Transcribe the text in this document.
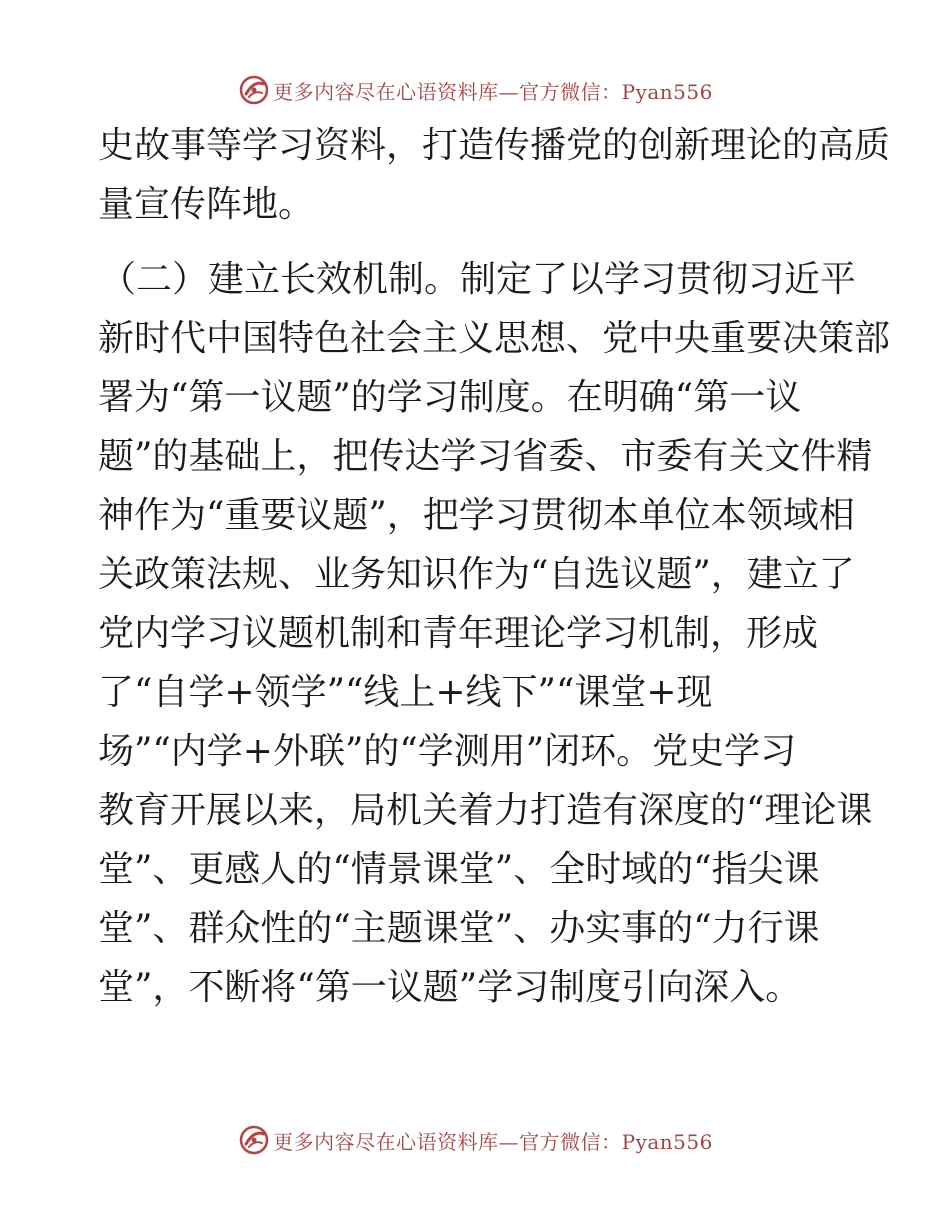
更多内容尽在心语资料库—官方微信：Pyan556
史故事等学习资料，打造传播党的创新理论的高质
量宣传阵地。
（二）建立长效机制。制定了以学习贯彻习近平
新时代中国特色社会主义思想、党中央重要决策部
署为“第一议题”的学习制度。在明确“第一议
题”的基础上，把传达学习省委、市委有关文件精
神作为“重要议题”，把学习贯彻本单位本领域相
关政策法规、业务知识作为“自选议题”，建立了
党内学习议题机制和青年理论学习机制，形成
了“自学+领学”“线上+线下”“课堂+现
场”“内学+外联”的“学测用”闭环。党史学习
教育开展以来，局机关着力打造有深度的“理论课
堂”、更感人的“情景课堂”、全时域的“指尖课
堂”、群众性的“主题课堂”、办实事的“力行课
堂”，不断将“第一议题”学习制度引向深入。
更多内容尽在心语资料库—官方微信：Pyan556
